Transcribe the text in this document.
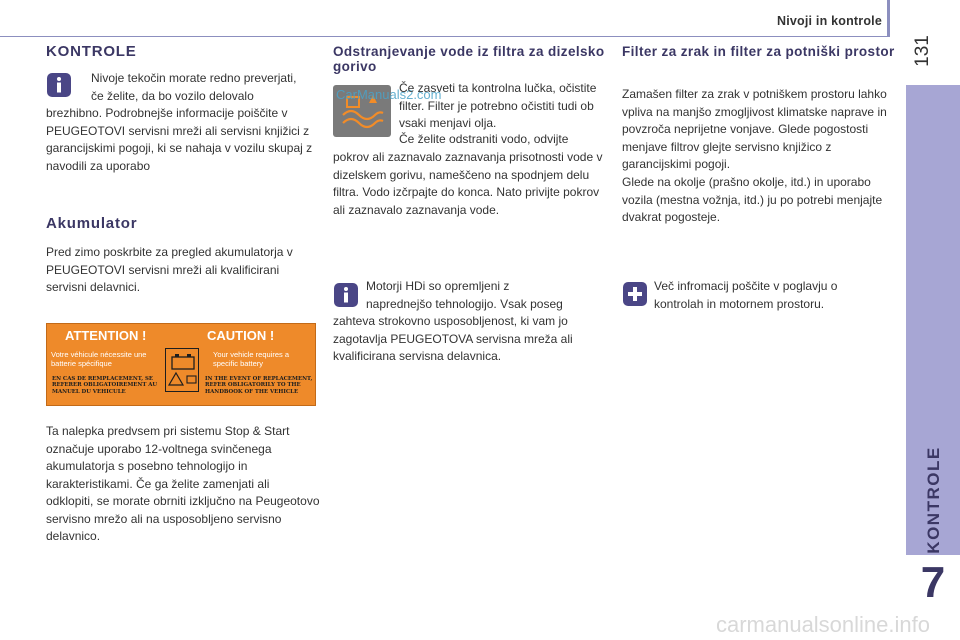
Nivoji in kontrole
131
KONTROLE
7
KONTROLE
Nivoje tekočin morate redno preverjati,
če želite, da bo vozilo delovalo
brezhibno. Podrobnejše informacije poiščite v PEUGEOTOVI servisni mreži ali servisni knjižici z garancijskimi pogoji, ki se nahaja v vozilu skupaj z navodili za uporabo
Akumulator
Pred zimo poskrbite za pregled akumulatorja v PEUGEOTOVI servisni mreži ali kvalificirani servisni delavnici.
ATTENTION !	CAUTION !
Votre véhicule nécessite une batterie spécifique
Your vehicle requires a specific battery
EN CAS DE REMPLACEMENT, SE REFERER OBLIGATOIREMENT AU MANUEL DU VEHICULE
IN THE EVENT OF REPLACEMENT, REFER OBLIGATORILY TO THE HANDBOOK OF THE VEHICLE
Ta nalepka predvsem pri sistemu Stop & Start označuje uporabo 12-voltnega svinčenega akumulatorja s posebno tehnologijo in karakteristikami. Če ga želite zamenjati ali odklopiti, se morate obrniti izključno na Peugeotovo servisno mrežo ali na usposobljeno servisno delavnico.
Odstranjevanje vode iz filtra za dizelsko gorivo
CarManuals2.com
Če zasveti ta kontrolna lučka, očistite filter. Filter je potrebno očistiti tudi ob vsaki menjavi olja.
Če želite odstraniti vodo, odvijte
pokrov ali zaznavalo zaznavanja prisotnosti vode v dizelskem gorivu, nameščeno na spodnjem delu filtra. Vodo izčrpajte do konca. Nato privijte pokrov ali zaznavalo zaznavanja vode.
Motorji HDi so opremljeni z
naprednejšo tehnologijo. Vsak poseg
zahteva strokovno usposobljenost, ki vam jo zagotavlja PEUGEOTOVA servisna mreža ali kvalificirana servisna delavnica.
Filter za zrak in filter za potniški prostor
Zamašen filter za zrak v potniškem prostoru lahko vpliva na manjšo zmogljivost klimatske naprave in povzroča neprijetne vonjave. Glede pogostosti menjave filtrov glejte servisno knjižico z garancijskimi pogoji.
Glede na okolje (prašno okolje, itd.) in uporabo vozila (mestna vožnja, itd.) ju po potrebi menjajte dvakrat pogosteje.
Več infromacij poščite v poglavju o
kontrolah in motornem prostoru.
carmanualsonline.info
